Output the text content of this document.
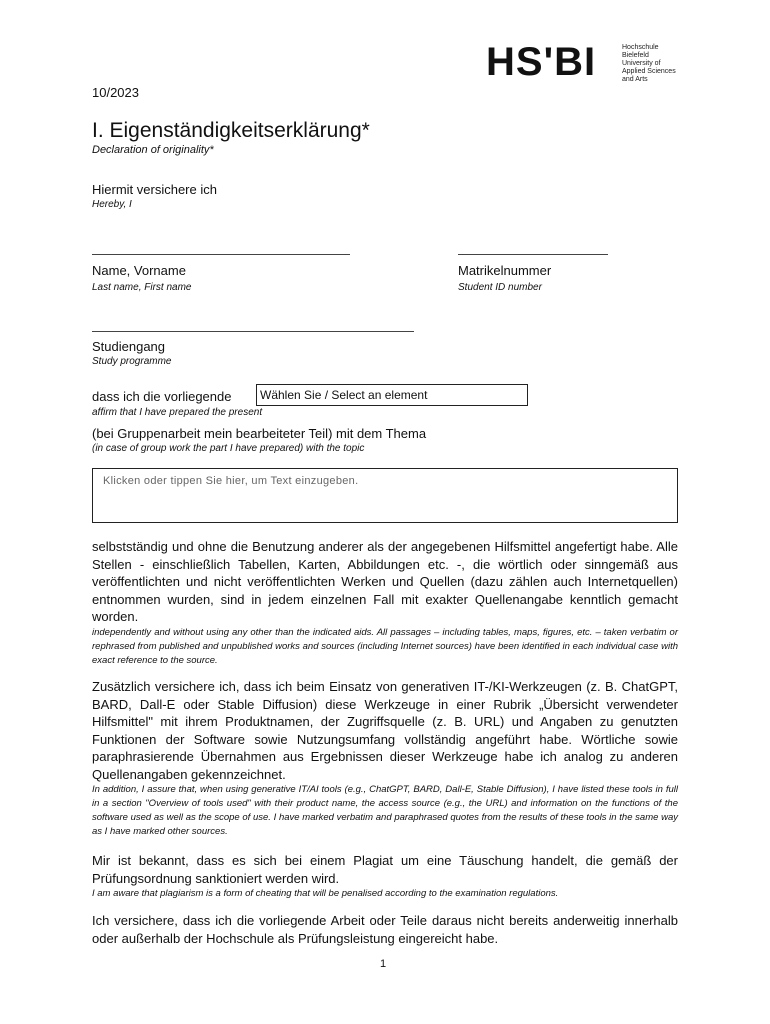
HS'BI	Hochschule
Bielefeld
University of
Applied Sciences
and Arts
10/2023
I. Eigenständigkeitserklärung*
Declaration of originality*
Hiermit versichere ich
Hereby, I
Name, Vorname
Last name, First name
Matrikelnummer
Student ID number
Studiengang
Study programme
dass ich die vorliegende	Wählen Sie / Select an element
affirm that I have prepared the present
(bei Gruppenarbeit mein bearbeiteter Teil) mit dem Thema
(in case of group work the part I have prepared) with the topic
Klicken oder tippen Sie hier, um Text einzugeben.
selbstständig und ohne die Benutzung anderer als der angegebenen Hilfsmittel angefertigt habe. Alle Stellen - einschließlich Tabellen, Karten, Abbildungen etc. -, die wörtlich oder sinngemäß aus veröffentlichten und nicht veröffentlichten Werken und Quellen (dazu zählen auch Internetquellen) entnommen wurden, sind in jedem einzelnen Fall mit exakter Quellenangabe kenntlich gemacht worden.
independently and without using any other than the indicated aids. All passages – including tables, maps, figures, etc. – taken verbatim or rephrased from published and unpublished works and sources (including Internet sources) have been identified in each individual case with exact reference to the source.
Zusätzlich versichere ich, dass ich beim Einsatz von generativen IT-/KI-Werkzeugen (z. B. ChatGPT, BARD, Dall-E oder Stable Diffusion) diese Werkzeuge in einer Rubrik „Übersicht verwendeter Hilfsmittel" mit ihrem Produktnamen, der Zugriffsquelle (z. B. URL) und Angaben zu genutzten Funktionen der Software sowie Nutzungsumfang vollständig angeführt habe. Wörtliche sowie paraphrasierende Übernahmen aus Ergebnissen dieser Werkzeuge habe ich analog zu anderen Quellenangaben gekennzeichnet.
In addition, I assure that, when using generative IT/AI tools (e.g., ChatGPT, BARD, Dall-E, Stable Diffusion), I have listed these tools in full in a section "Overview of tools used" with their product name, the access source (e.g., the URL) and information on the functions of the software used as well as the scope of use. I have marked verbatim and paraphrased quotes from the results of these tools in the same way as I have marked other sources.
Mir ist bekannt, dass es sich bei einem Plagiat um eine Täuschung handelt, die gemäß der Prüfungsordnung sanktioniert werden wird.
I am aware that plagiarism is a form of cheating that will be penalised according to the examination regulations.
Ich versichere, dass ich die vorliegende Arbeit oder Teile daraus nicht bereits anderweitig innerhalb oder außerhalb der Hochschule als Prüfungsleistung eingereicht habe.
1
